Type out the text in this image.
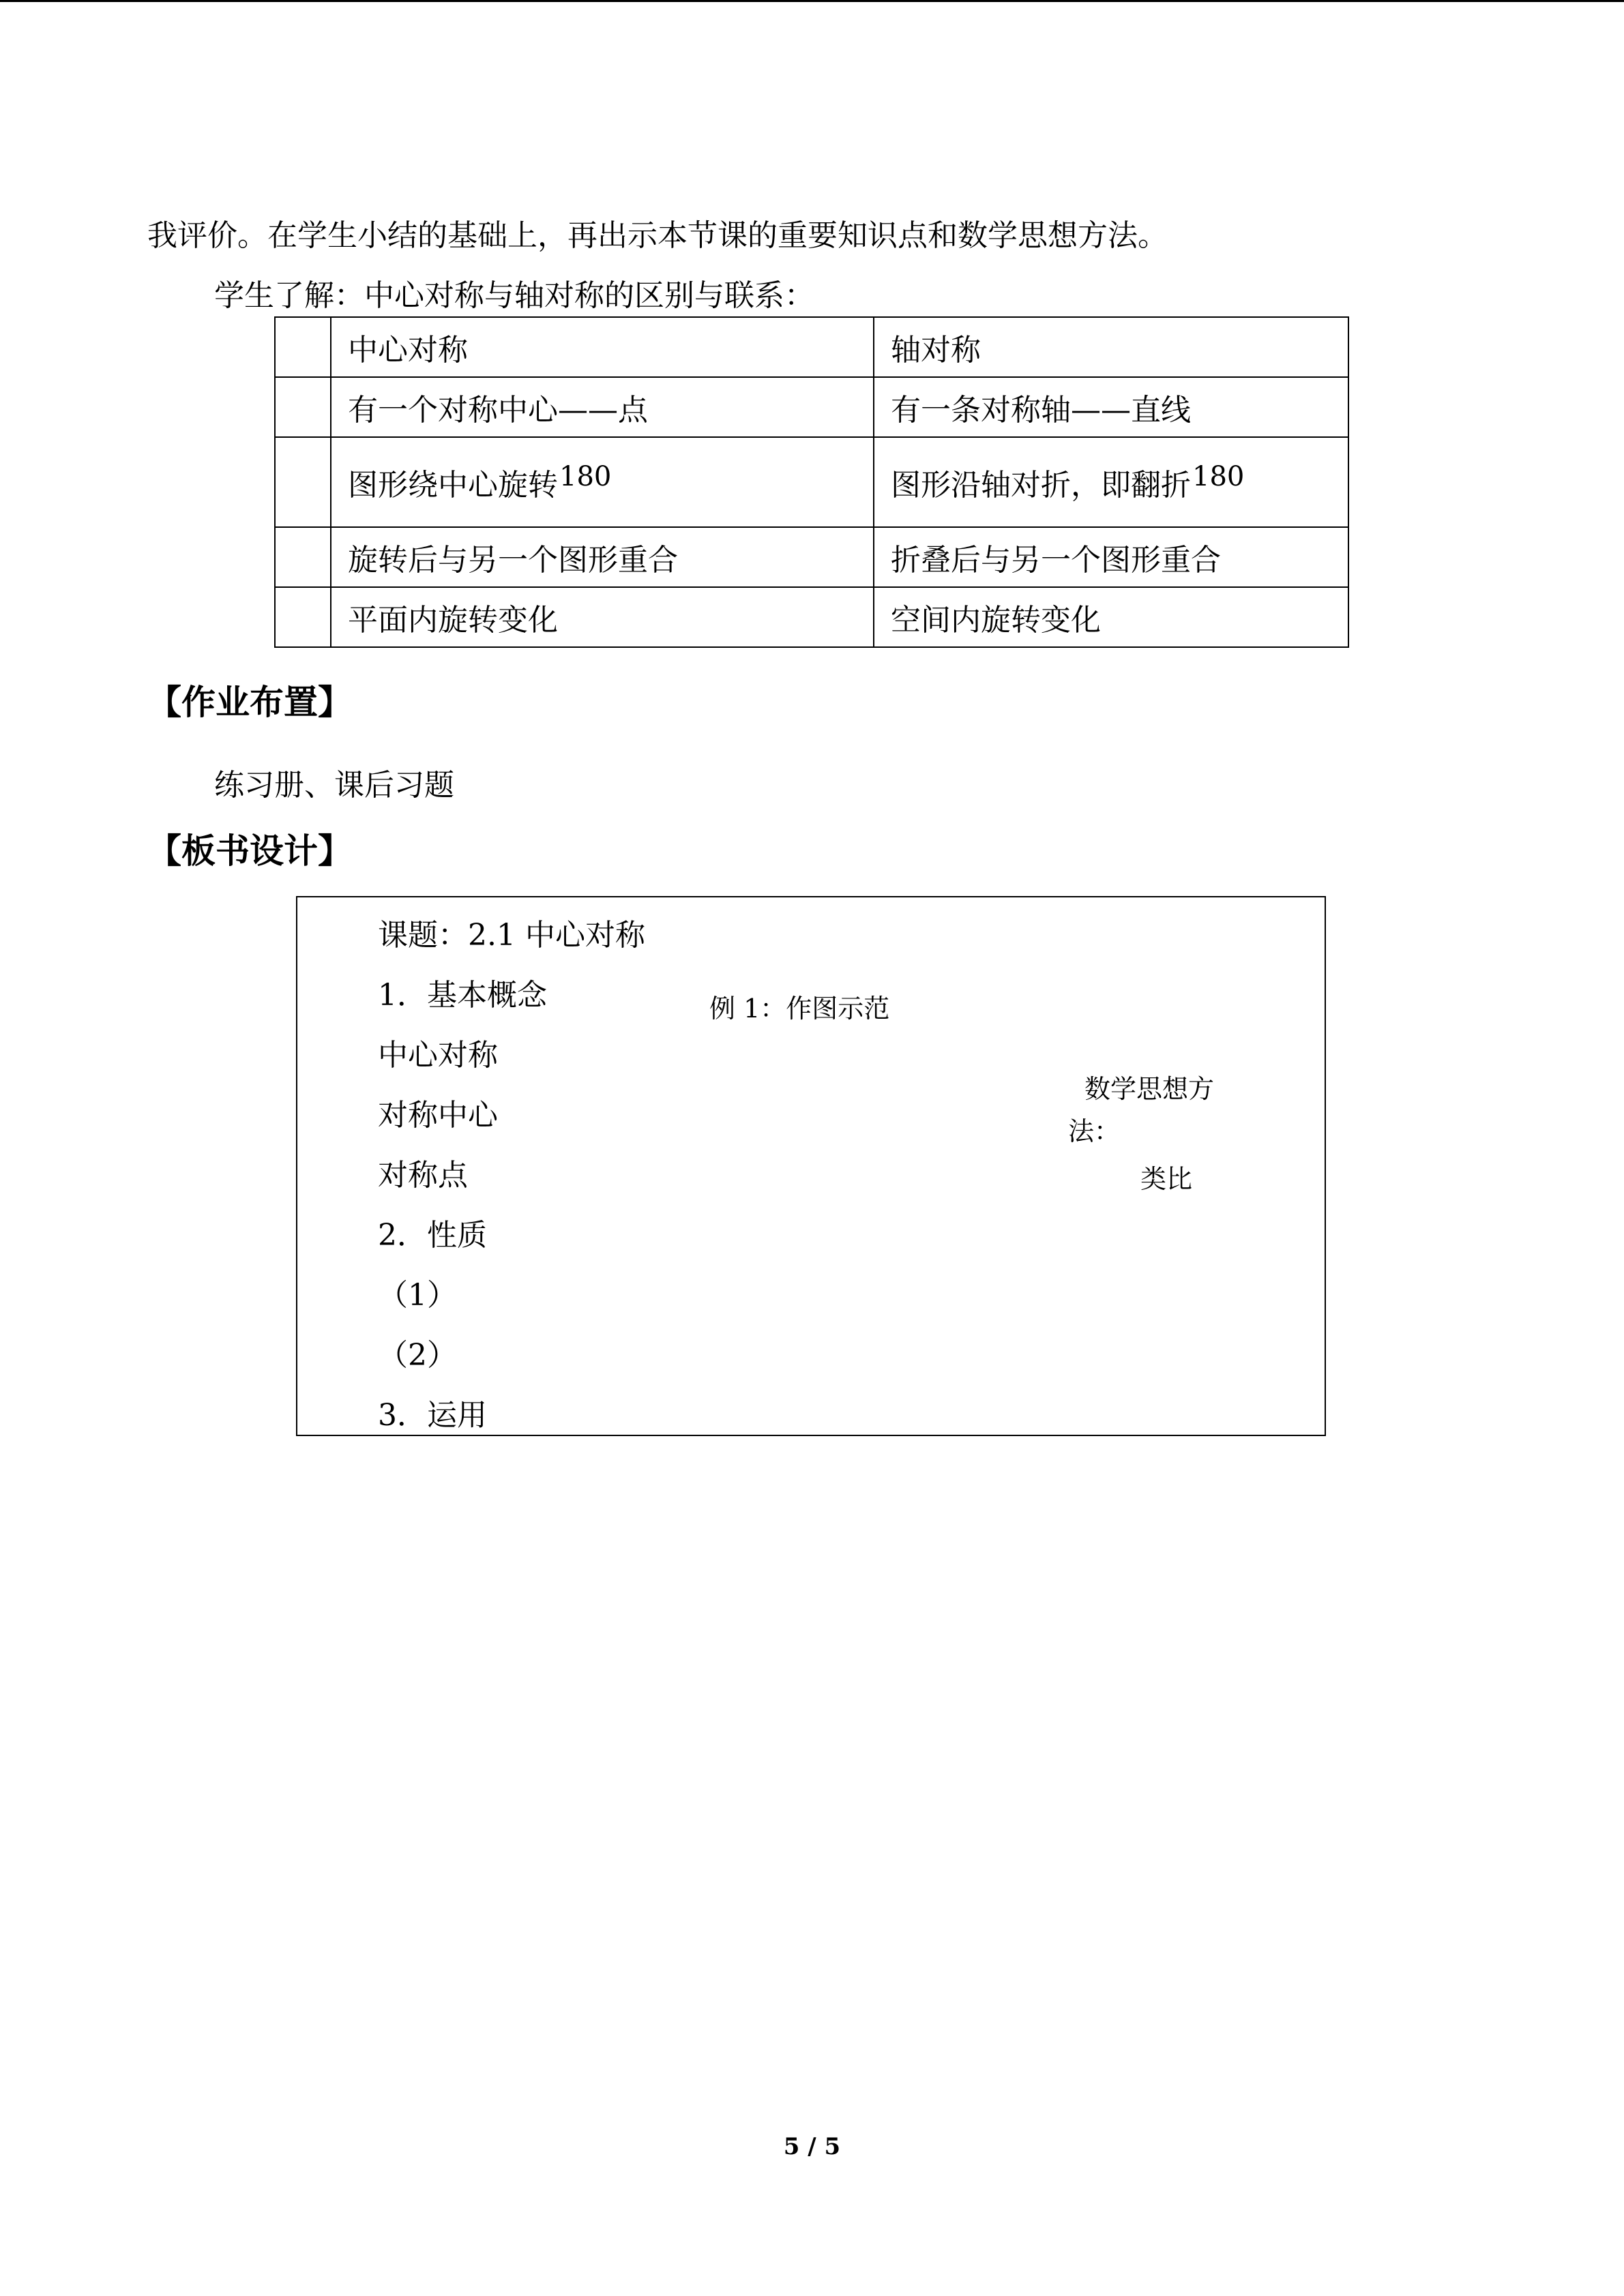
我评价。在学生小结的基础上，再出示本节课的重要知识点和数学思想方法。
学生了解：中心对称与轴对称的区别与联系：
	中心对称	轴对称
	有一个对称中心——点	有一条对称轴——直线
	图形绕中心旋转180	图形沿轴对折，即翻折180
	旋转后与另一个图形重合	折叠后与另一个图形重合
	平面内旋转变化	空间内旋转变化
【作业布置】
练习册、课后习题
【板书设计】
课题：2.1 中心对称
1．基本概念
中心对称
对称中心
对称点
2．性质
（1）
（2）
3．运用
例 1：作图示范
数学思想方
法：
类比
5 / 5
